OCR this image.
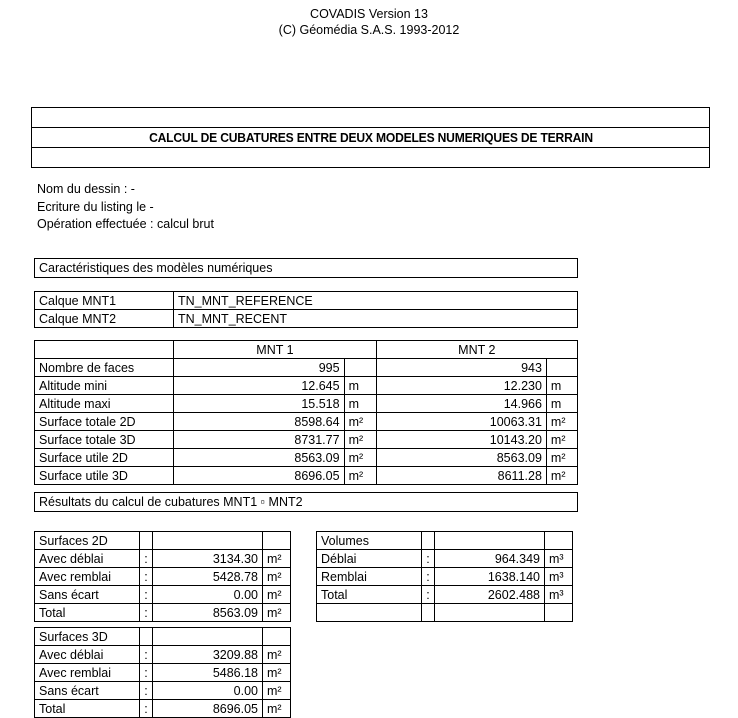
COVADIS Version 13
(C) Géomédia S.A.S. 1993-2012

CALCUL DE CUBATURES ENTRE DEUX MODELES NUMERIQUES DE TERRAIN

Nom du dessin : -
Ecriture du listing le -
Opération effectuée : calcul brut
Caractéristiques des modèles numériques
Calque MNT1	TN_MNT_REFERENCE
Calque MNT2	TN_MNT_RECENT
	MNT 1		MNT 2	
Nombre de faces	995		943	
Altitude mini	12.645	m	12.230	m
Altitude maxi	15.518	m	14.966	m
Surface totale 2D	8598.64	m²	10063.31	m²
Surface totale 3D	8731.77	m²	10143.20	m²
Surface utile 2D	8563.09	m²	8563.09	m²
Surface utile 3D	8696.05	m²	8611.28	m²
Résultats du calcul de cubatures MNT1 ▫ MNT2
Surfaces 2D			
Avec déblai	:	3134.30	m²
Avec remblai	:	5428.78	m²
Sans écart	:	0.00	m²
Total	:	8563.09	m²
Volumes			
Déblai	:	964.349	m³
Remblai	:	1638.140	m³
Total	:	2602.488	m³

Surfaces 3D			
Avec déblai	:	3209.88	m²
Avec remblai	:	5486.18	m²
Sans écart	:	0.00	m²
Total	:	8696.05	m²
